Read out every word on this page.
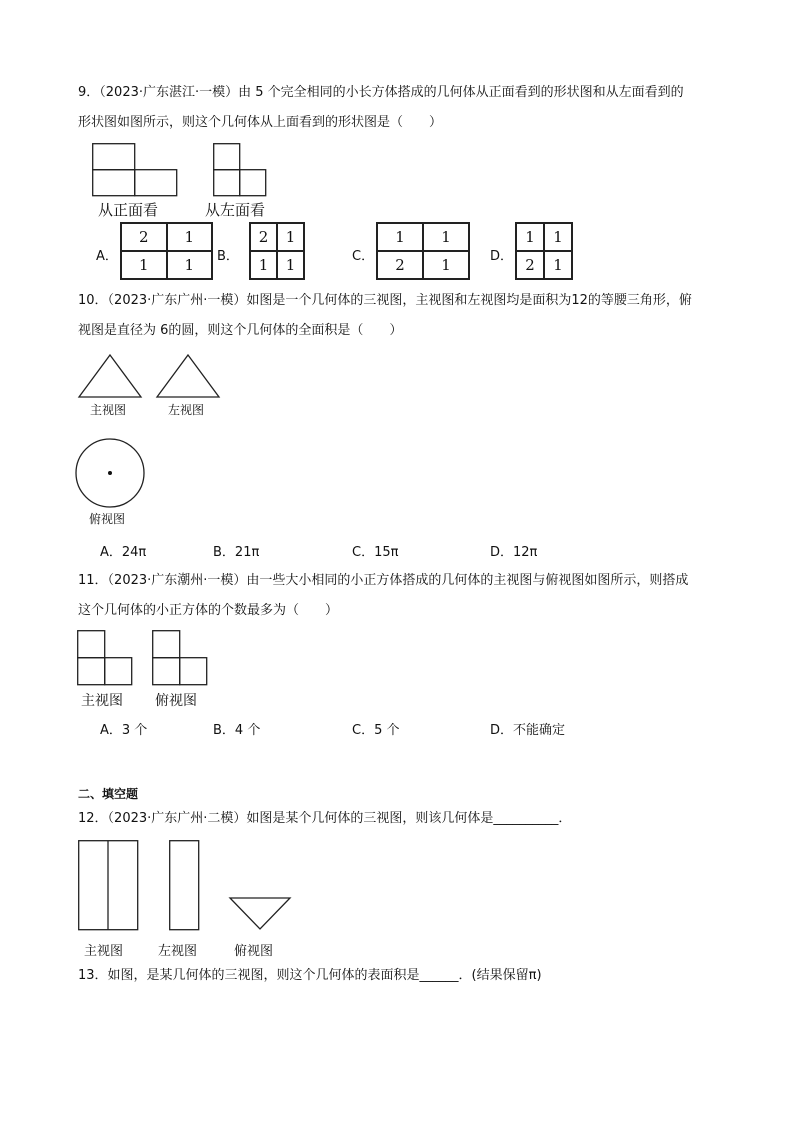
9．（2023·广东湛江·一模）由 5 个完全相同的小长方体搭成的几何体从正面看到的形状图和从左面看到的
形状图如图所示，则这个几何体从上面看到的形状图是（　　）
从正面看	从左面看
A．
2	1
1	1	B．
2	1
1	1	C．
1	1
2	1	D．
1	1
2	1
10．（2023·广东广州·一模）如图是一个几何体的三视图，主视图和左视图均是面积为12的等腰三角形，俯
视图是直径为 6的圆，则这个几何体的全面积是（　　）
主视图	左视图
俯视图
A．24π	B．21π	C．15π	D．12π
11．（2023·广东潮州·一模）由一些大小相同的小正方体搭成的几何体的主视图与俯视图如图所示，则搭成
这个几何体的小正方体的个数最多为（　　）
主视图 俯视图
A．3 个	B．4 个	C．5 个	D．不能确定
二、填空题
12．（2023·广东广州·二模）如图是某个几何体的三视图，则该几何体是__________．
主视图	左视图	俯视图
13．如图，是某几何体的三视图，则这个几何体的表面积是______．(结果保留π)
